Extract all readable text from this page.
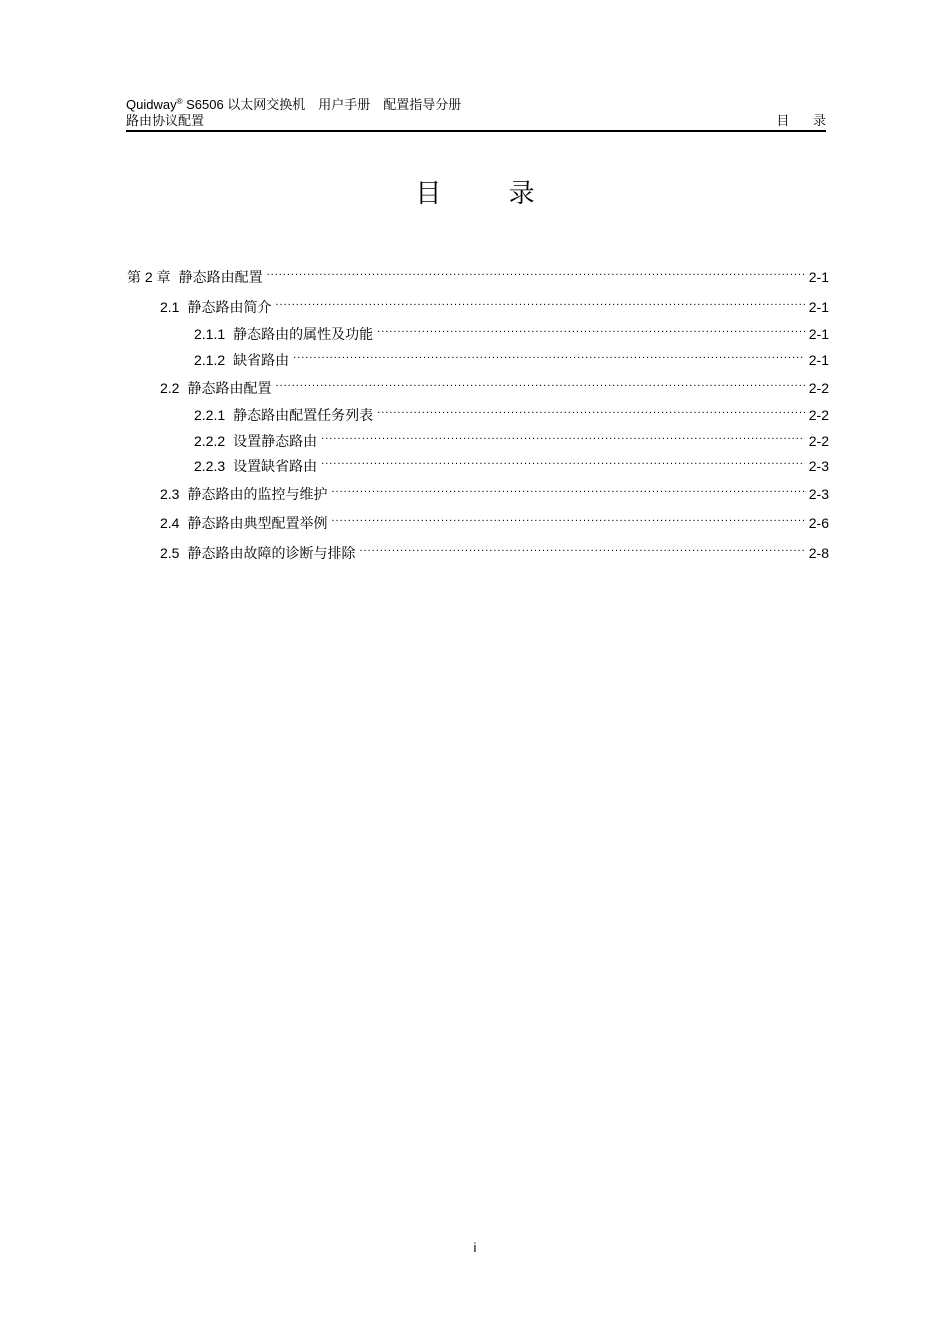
Quidway® S6506 以太网交换机　用户手册　配置指导分册
路由协议配置	目 录
目 录
第 2 章 静态路由配置 .....	2-1
2.1 静态路由简介 .....	2-1
2.1.1 静态路由的属性及功能 .....	2-1
2.1.2 缺省路由 .....	2-1
2.2 静态路由配置 .....	2-2
2.2.1 静态路由配置任务列表 .....	2-2
2.2.2 设置静态路由 .....	2-2
2.2.3 设置缺省路由 .....	2-3
2.3 静态路由的监控与维护 .....	2-3
2.4 静态路由典型配置举例 .....	2-6
2.5 静态路由故障的诊断与排除 .....	2-8
i
